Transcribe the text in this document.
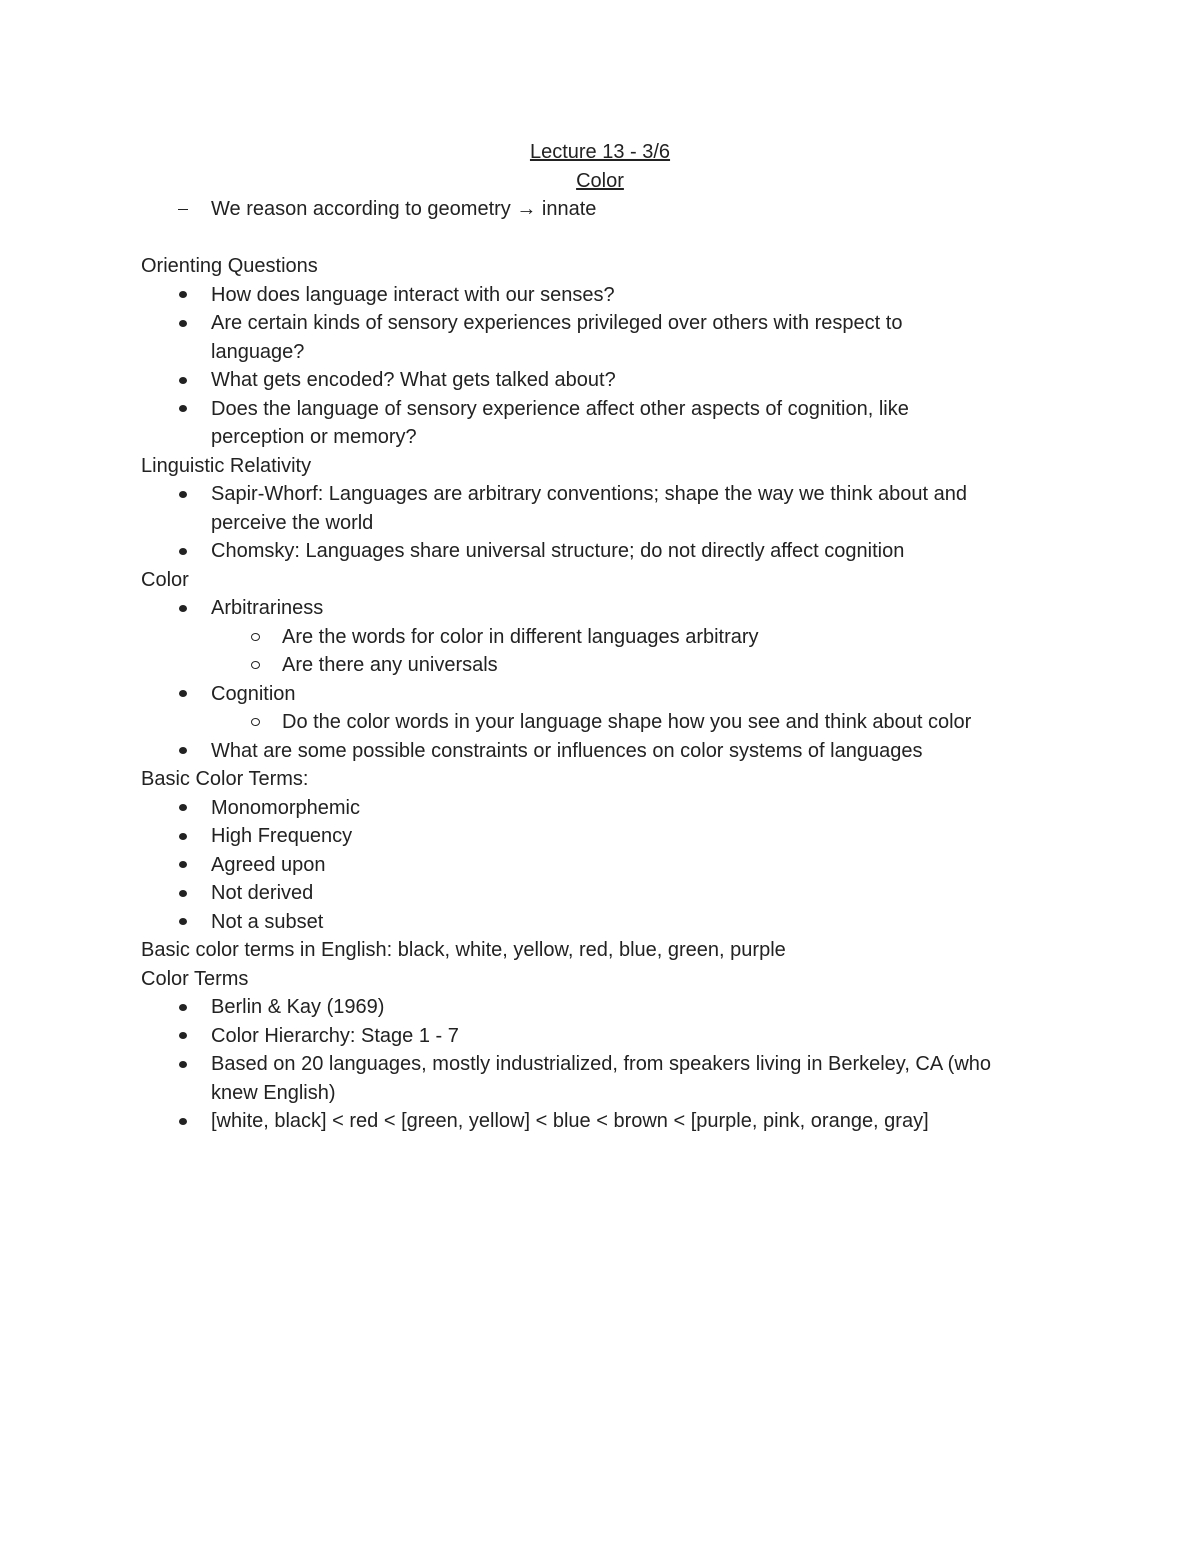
Lecture 13 - 3/6

Color

We reason according to geometry → innate

Orienting Questions

How does language interact with our senses?
Are certain kinds of sensory experiences privileged over others with respect to
language?
What gets encoded? What gets talked about?
Does the language of sensory experience affect other aspects of cognition, like
perception or memory?

Linguistic Relativity

Sapir-Whorf: Languages are arbitrary conventions; shape the way we think about and
perceive the world
Chomsky: Languages share universal structure; do not directly affect cognition

Color

Arbitrariness
Are the words for color in different languages arbitrary
Are there any universals
Cognition
Do the color words in your language shape how you see and think about color
What are some possible constraints or influences on color systems of languages

Basic Color Terms:

Monomorphemic
High Frequency
Agreed upon
Not derived
Not a subset

Basic color terms in English: black, white, yellow, red, blue, green, purple

Color Terms

Berlin & Kay (1969)
Color Hierarchy: Stage 1 - 7
Based on 20 languages, mostly industrialized, from speakers living in Berkeley, CA (who
knew English)
[white, black] < red < [green, yellow] < blue < brown < [purple, pink, orange, gray]
